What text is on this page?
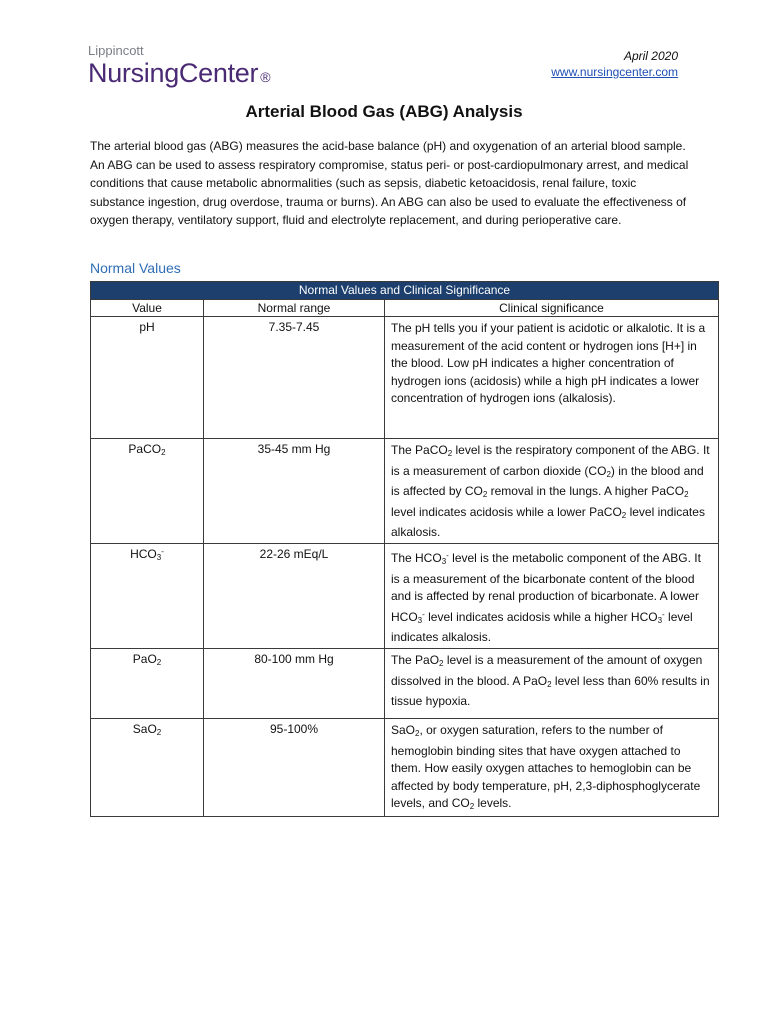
Lippincott
NursingCenter ®
April 2020
www.nursingcenter.com
Arterial Blood Gas (ABG) Analysis
The arterial blood gas (ABG) measures the acid-base balance (pH) and oxygenation of an arterial blood sample. An ABG can be used to assess respiratory compromise, status peri- or post-cardiopulmonary arrest, and medical conditions that cause metabolic abnormalities (such as sepsis, diabetic ketoacidosis, renal failure, toxic substance ingestion, drug overdose, trauma or burns). An ABG can also be used to evaluate the effectiveness of oxygen therapy, ventilatory support, fluid and electrolyte replacement, and during perioperative care.
Normal Values
Normal Values and Clinical Significance		
Value	Normal range	Clinical significance
pH	7.35-7.45	The pH tells you if your patient is acidotic or alkalotic. It is a measurement of the acid content or hydrogen ions [H+] in the blood. Low pH indicates a higher concentration of hydrogen ions (acidosis) while a high pH indicates a lower concentration of hydrogen ions (alkalosis).
PaCO$_2$	35-45 mm Hg	The PaCO$_2$ level is the respiratory component of the ABG. It is a measurement of carbon dioxide $(CO_2)$ in the blood and is affected by $CO_2$ removal in the lungs. A higher PaCO$_2$ level indicates acidosis while a lower PaCO$_2$ level indicates alkalosis.
$HCO_3^-$	22-26 mEq/L	The $HCO_3^-$ level is the metabolic component of the ABG. It is a measurement of the bicarbonate content of the blood and is affected by renal production of bicarbonate. A lower $HCO_3^-$ level indicates acidosis while a higher $HCO_3^-$ level indicates alkalosis.
PaO$_2$	80-100 mm Hg	The PaO$_2$ level is a measurement of the amount of oxygen dissolved in the blood. A PaO$_2$ level less than 60% results in tissue hypoxia.
SaO$_2$	95-100%	SaO$_2$, or oxygen saturation, refers to the number of hemoglobin binding sites that have oxygen attached to them. How easily oxygen attaches to hemoglobin can be affected by body temperature, pH, 2,3-diphosphoglycerate levels, and $CO_2$ levels.
